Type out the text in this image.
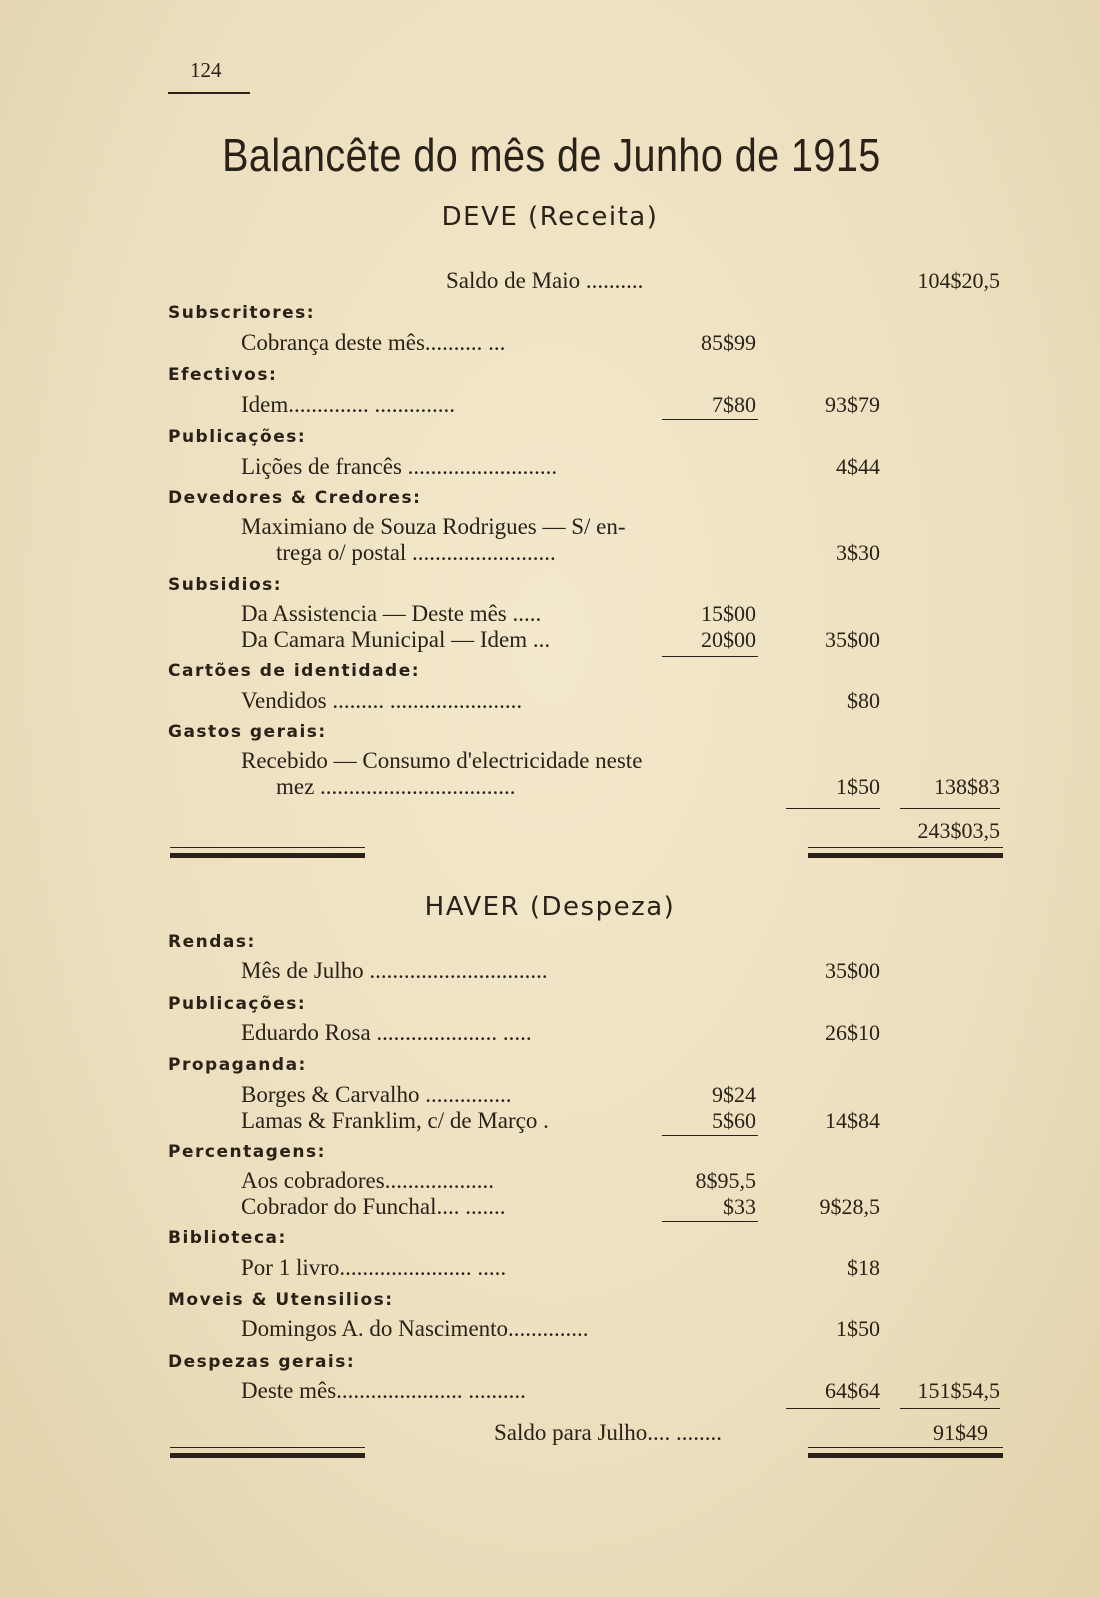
124
Balancête do mês de Junho de 1915
DEVE (Receita)
Saldo de Maio ..........	104$20,5
Subscritores:
Cobrança deste mês.......... ...	85$99
Efectivos:
Idem.............. ..............	7$80	93$79
Publicações:
Lições de francês ..........................	4$44
Devedores & Credores:
Maximiano de Souza Rodrigues — S/ en-
trega o/ postal .........................	3$30
Subsidios:
Da Assistencia — Deste mês .....	15$00
Da Camara Municipal — Idem ...	20$00	35$00
Cartões de identidade:
Vendidos ......... .......................	$80
Gastos gerais:
Recebido — Consumo d'electricidade neste
mez ..................................	1$50 138$83
243$03,5
HAVER (Despeza)
Rendas:
Mês de Julho ...............................	35$00
Publicações:
Eduardo Rosa ..................... .....	26$10
Propaganda:
Borges & Carvalho ...............	9$24
Lamas & Franklim, c/ de Março .	5$60	14$84
Percentagens:
Aos cobradores...................	8$95,5
Cobrador do Funchal.... .......	$33	9$28,5
Biblioteca:
Por 1 livro....................... .....	$18
Moveis & Utensilios:
Domingos A. do Nascimento..............	1$50
Despezas gerais:
Deste mês...................... ..........	64$64 151$54,5
Saldo para Julho.... ........	91$49
